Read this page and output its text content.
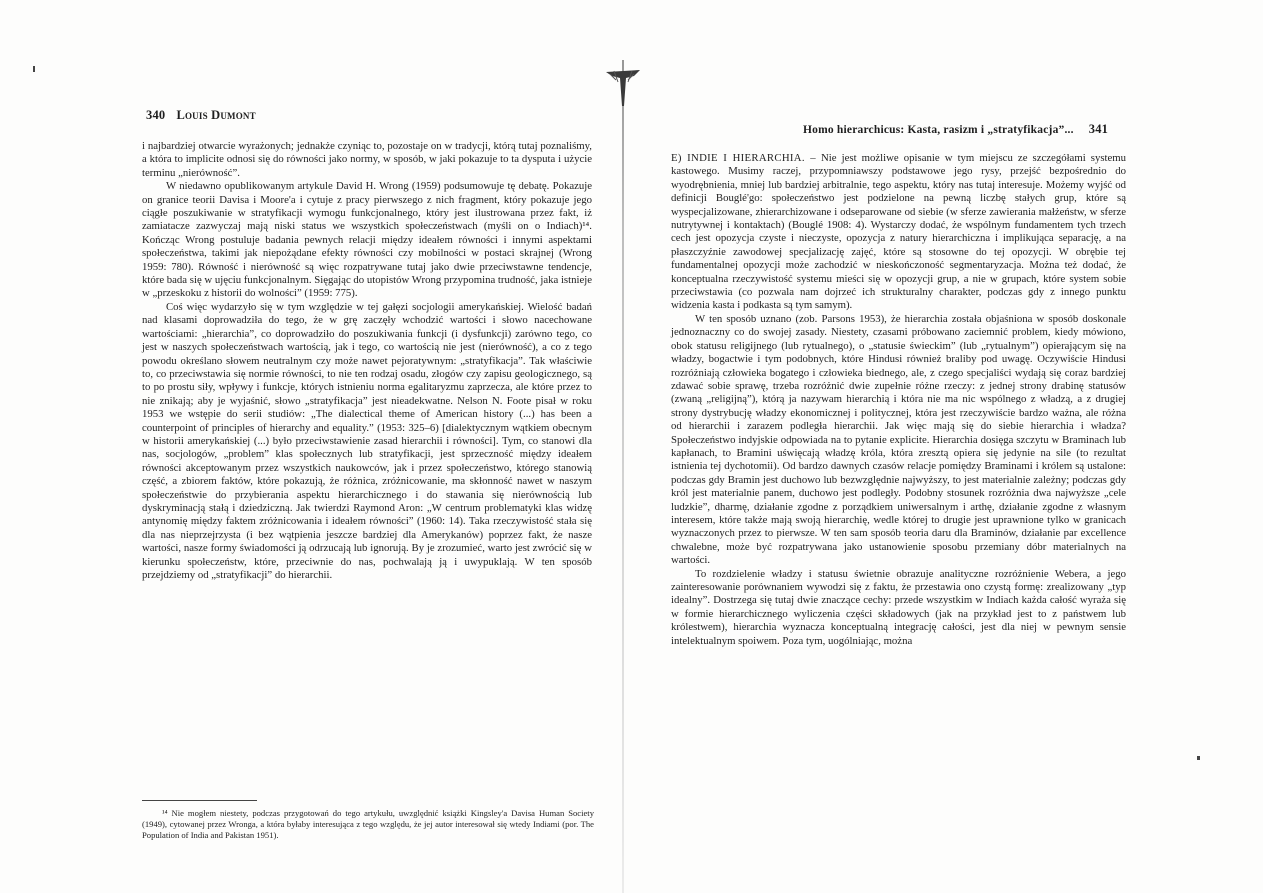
340 Louis Dumont

i najbardziej otwarcie wyrażonych; jednakże czyniąc to, pozostaje on w tradycji, którą tutaj poznaliśmy, a która to implicite odnosi się do równości jako normy, w sposób, w jaki pokazuje to ta dysputa i użycie terminu „nierówność”.

W niedawno opublikowanym artykule David H. Wrong (1959) podsumowuje tę debatę. Pokazuje on granice teorii Davisa i Moore'a i cytuje z pracy pierwszego z nich fragment, który pokazuje jego ciągłe poszukiwanie w stratyfikacji wymogu funkcjonalnego, który jest ilustrowana przez fakt, iż zamiatacze zazwyczaj mają niski status we wszystkich społeczeństwach (myśli on o Indiach)¹⁴. Kończąc Wrong postuluje badania pewnych relacji między ideałem równości i innymi aspektami społeczeństwa, takimi jak niepożądane efekty równości czy mobilności w postaci skrajnej (Wrong 1959: 780). Równość i nierówność są więc rozpatrywane tutaj jako dwie przeciwstawne tendencje, które bada się w ujęciu funkcjonalnym. Sięgając do utopistów Wrong przypomina trudność, jaka istnieje w „przeskoku z historii do wolności” (1959: 775).

Coś więc wydarzyło się w tym względzie w tej gałęzi socjologii amerykańskiej. Wielość badań nad klasami doprowadziła do tego, że w grę zaczęły wchodzić wartości i słowo nacechowane wartościami: „hierarchia”, co doprowadziło do poszukiwania funkcji (i dysfunkcji) zarówno tego, co jest w naszych społeczeństwach wartością, jak i tego, co wartością nie jest (nierówność), a co z tego powodu określano słowem neutralnym czy może nawet pejoratywnym: „stratyfikacja”. Tak właściwie to, co przeciwstawia się normie równości, to nie ten rodzaj osadu, złogów czy zapisu geologicznego, są to po prostu siły, wpływy i funkcje, których istnieniu norma egalitaryzmu zaprzecza, ale które przez to nie znikają; aby je wyjaśnić, słowo „stratyfikacja” jest nieadekwatne. Nelson N. Foote pisał w roku 1953 we wstępie do serii studiów: „The dialectical theme of American history (...) has been a counterpoint of principles of hierarchy and equality.” (1953: 325–6) [dialektycznym wątkiem obecnym w historii amerykańskiej (...) było przeciwstawienie zasad hierarchii i równości]. Tym, co stanowi dla nas, socjologów, „problem” klas społecznych lub stratyfikacji, jest sprzeczność między ideałem równości akceptowanym przez wszystkich naukowców, jak i przez społeczeństwo, którego stanowią część, a zbiorem faktów, które pokazują, że różnica, zróżnicowanie, ma skłonność nawet w naszym społeczeństwie do przybierania aspektu hierarchicznego i do stawania się nierównością lub dyskryminacją stałą i dziedziczną. Jak twierdzi Raymond Aron: „W centrum problematyki klas widzę antynomię między faktem zróżnicowania i ideałem równości” (1960: 14). Taka rzeczywistość stała się dla nas nieprzejrzysta (i bez wątpienia jeszcze bardziej dla Amerykanów) poprzez fakt, że nasze wartości, nasze formy świadomości ją odrzucają lub ignorują. By je zrozumieć, warto jest zwrócić się w kierunku społeczeństw, które, przeciwnie do nas, pochwalają ją i uwypuklają. W ten sposób przejdziemy od „stratyfikacji” do hierarchii.

¹⁴ Nie mogłem niestety, podczas przygotowań do tego artykułu, uwzględnić książki Kingsley'a Davisa Human Society (1949), cytowanej przez Wronga, a która byłaby interesująca z tego względu, że jej autor interesował się wtedy Indiami (por. The Population of India and Pakistan 1951).
Homo hierarchicus: Kasta, rasizm i „stratyfikacja”... 341

E) INDIE I HIERARCHIA. – Nie jest możliwe opisanie w tym miejscu ze szczegółami systemu kastowego. Musimy raczej, przypomniawszy podstawowe jego rysy, przejść bezpośrednio do wyodrębnienia, mniej lub bardziej arbitralnie, tego aspektu, który nas tutaj interesuje. Możemy wyjść od definicji Bouglé'go: społeczeństwo jest podzielone na pewną liczbę stałych grup, które są wyspecjalizowane, zhierarchizowane i odseparowane od siebie (w sferze zawierania małżeństw, w sferze nutrytywnej i kontaktach) (Bouglé 1908: 4). Wystarczy dodać, że wspólnym fundamentem tych trzech cech jest opozycja czyste i nieczyste, opozycja z natury hierarchiczna i implikująca separację, a na płaszczyźnie zawodowej specjalizację zajęć, które są stosowne do tej opozycji. W obrębie tej fundamentalnej opozycji może zachodzić w nieskończoność segmentaryzacja. Można też dodać, że konceptualna rzeczywistość systemu mieści się w opozycji grup, a nie w grupach, które system sobie przeciwstawia (co pozwala nam dojrzeć ich strukturalny charakter, podczas gdy z innego punktu widzenia kasta i podkasta są tym samym).

W ten sposób uznano (zob. Parsons 1953), że hierarchia została objaśniona w sposób doskonale jednoznaczny co do swojej zasady. Niestety, czasami próbowano zaciemnić problem, kiedy mówiono, obok statusu religijnego (lub rytualnego), o „statusie świeckim” (lub „rytualnym”) opierającym się na władzy, bogactwie i tym podobnych, które Hindusi również braliby pod uwagę. Oczywiście Hindusi rozróżniają człowieka bogatego i człowieka biednego, ale, z czego specjaliści wydają się coraz bardziej zdawać sobie sprawę, trzeba rozróżnić dwie zupełnie różne rzeczy: z jednej strony drabinę statusów (zwaną „religijną”), którą ja nazywam hierarchią i która nie ma nic wspólnego z władzą, a z drugiej strony dystrybucję władzy ekonomicznej i politycznej, która jest rzeczywiście bardzo ważna, ale różna od hierarchii i zarazem podległa hierarchii. Jak więc mają się do siebie hierarchia i władza? Społeczeństwo indyjskie odpowiada na to pytanie explicite. Hierarchia dosięga szczytu w Braminach lub kapłanach, to Bramini uświęcają władzę króla, która zresztą opiera się jedynie na sile (to rezultat istnienia tej dychotomii). Od bardzo dawnych czasów relacje pomiędzy Braminami i królem są ustalone: podczas gdy Bramin jest duchowo lub bezwzględnie najwyższy, to jest materialnie zależny; podczas gdy król jest materialnie panem, duchowo jest podległy. Podobny stosunek rozróżnia dwa najwyższe „cele ludzkie”, dharmę, działanie zgodne z porządkiem uniwersalnym i arthę, działanie zgodne z własnym interesem, które także mają swoją hierarchię, wedle której to drugie jest uprawnione tylko w granicach wyznaczonych przez to pierwsze. W ten sam sposób teoria daru dla Braminów, działanie par excellence chwalebne, może być rozpatrywana jako ustanowienie sposobu przemiany dóbr materialnych na wartości.

To rozdzielenie władzy i statusu świetnie obrazuje analityczne rozróżnienie Webera, a jego zainteresowanie porównaniem wywodzi się z faktu, że przestawia ono czystą formę: zrealizowany „typ idealny”. Dostrzega się tutaj dwie znaczące cechy: przede wszystkim w Indiach każda całość wyraża się w formie hierarchicznego wyliczenia części składowych (jak na przykład jest to z państwem lub królestwem), hierarchia wyznacza konceptualną integrację całości, jest dla niej w pewnym sensie intelektualnym spoiwem. Poza tym, uogólniając, można
